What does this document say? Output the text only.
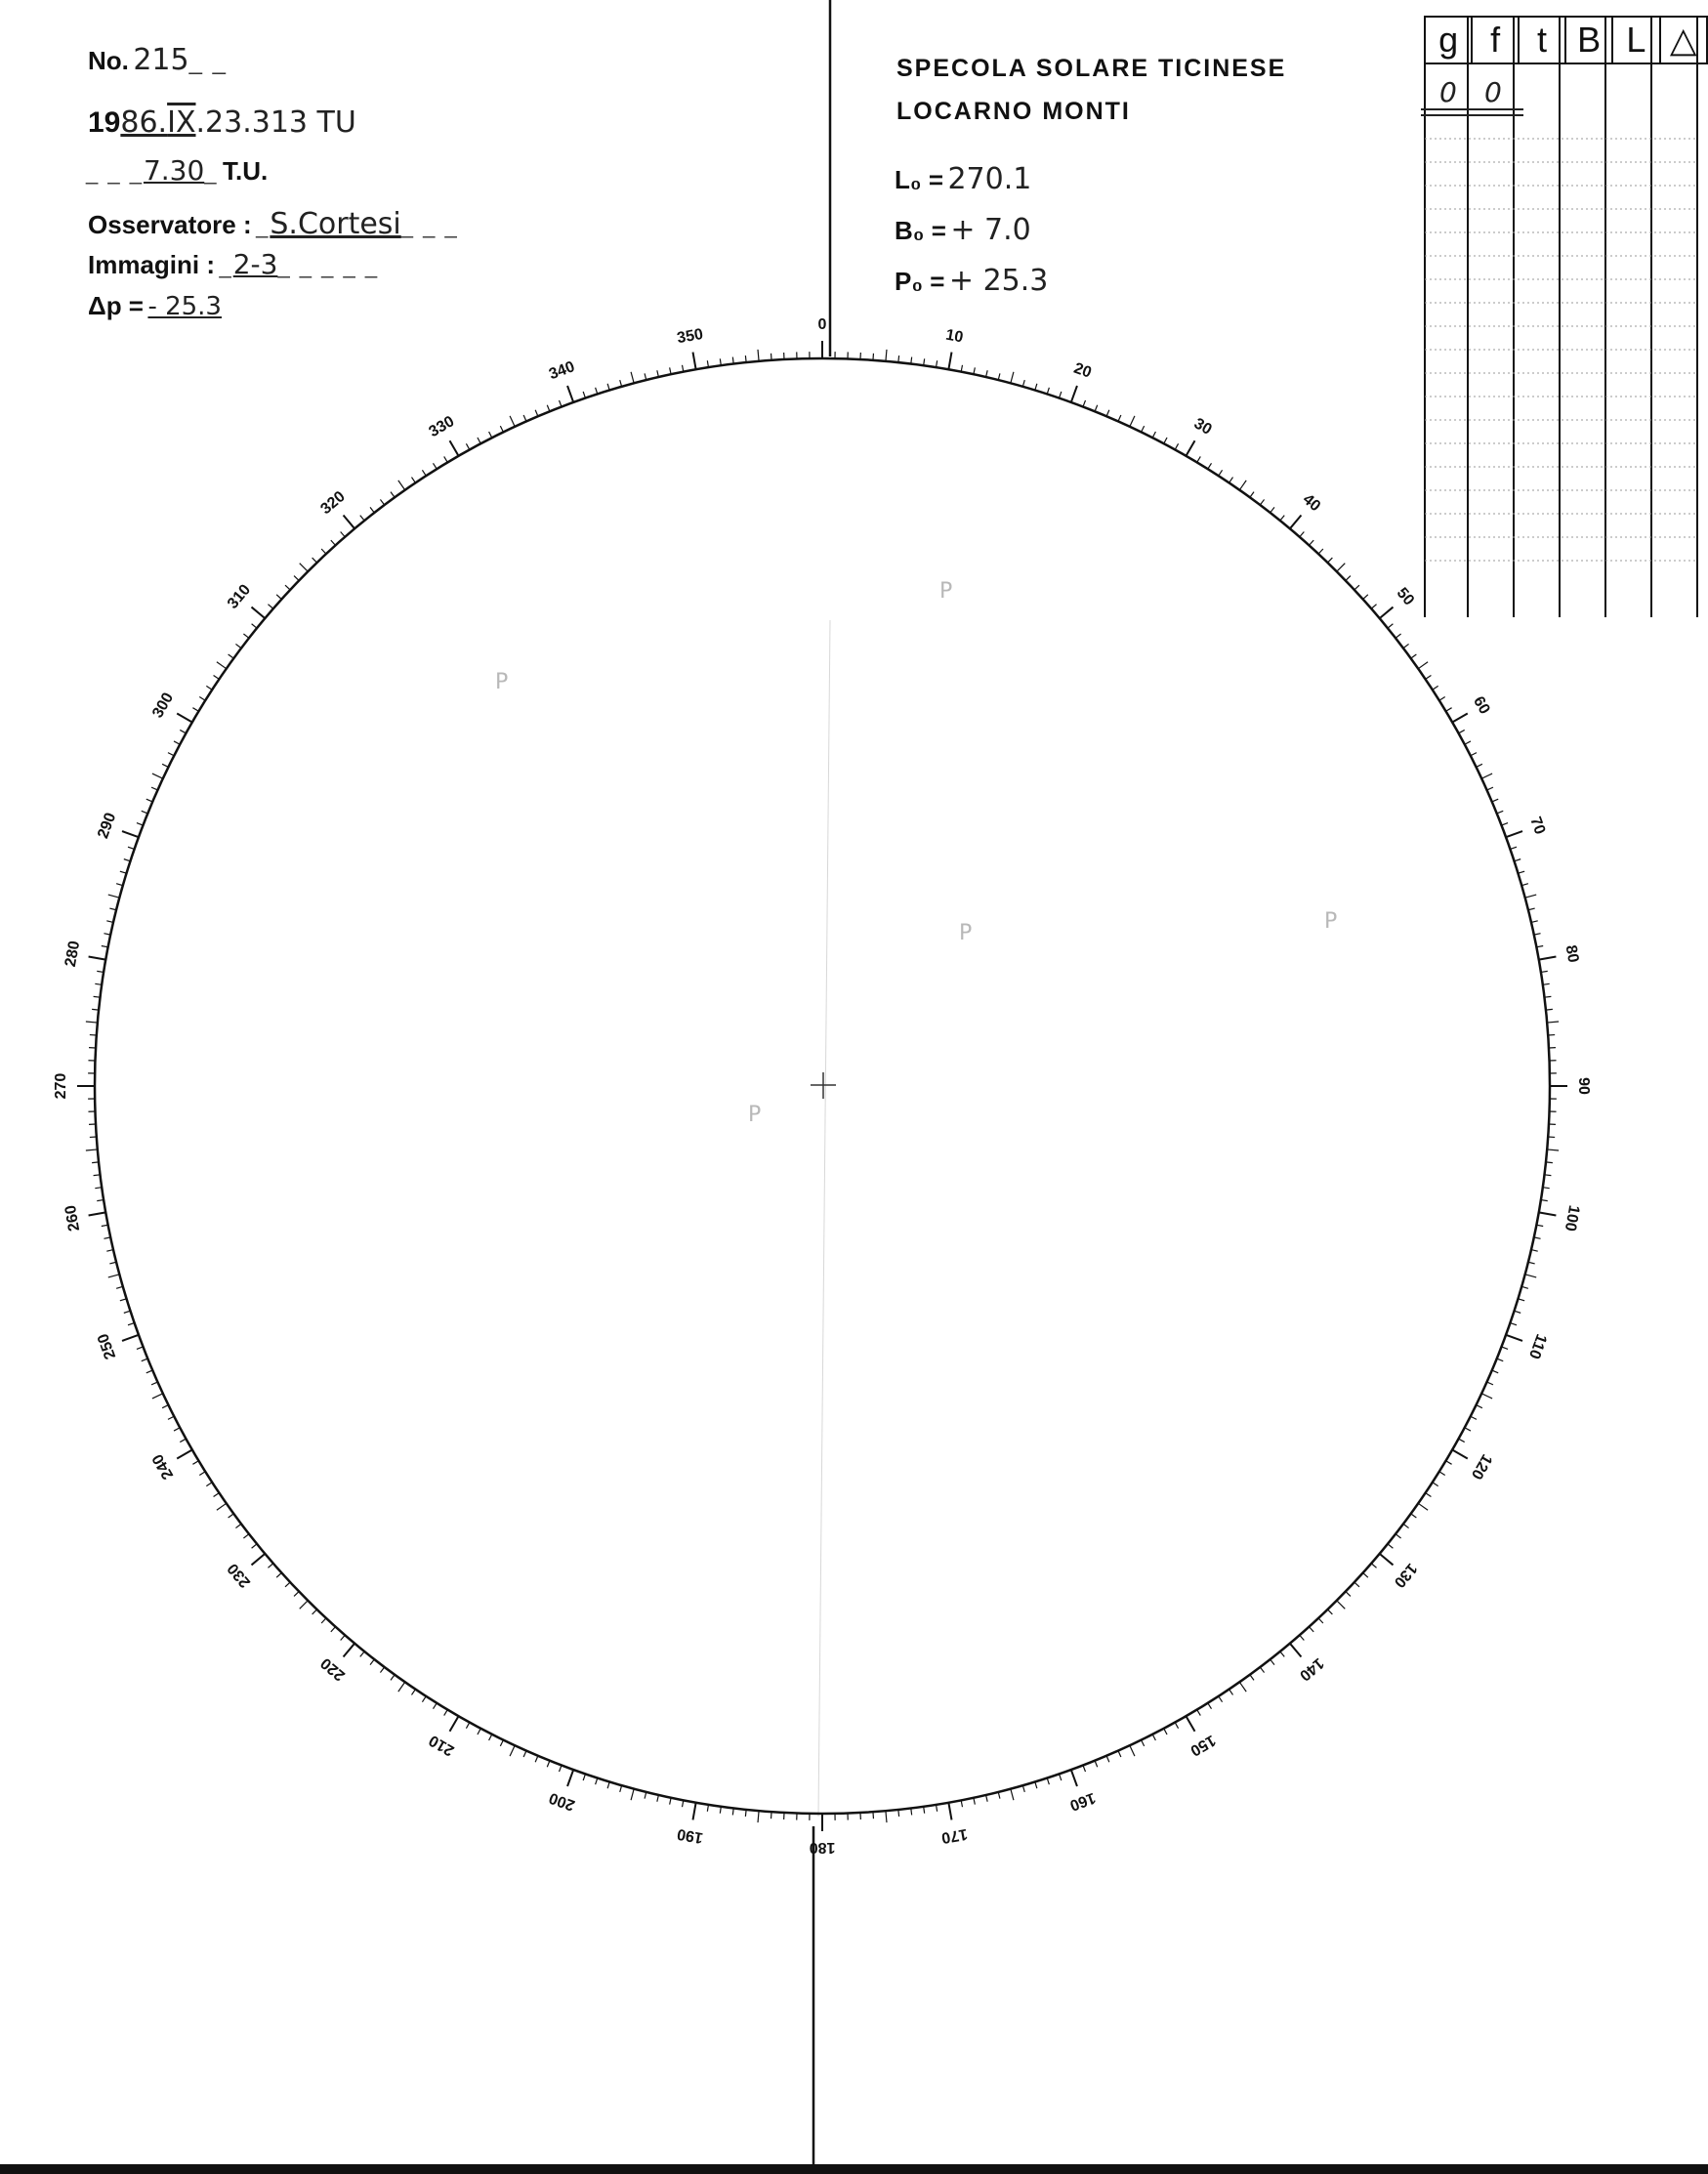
0
10
20
30
40
50
60
70
80
90
100
110
120
130
140
150
160
170
180
190
200
210
220
230
240
250
260
270
280
290
300
310
320
330
340
350
P
P
P	P
P
No. 215_ _
1986.IX.23.313 TU
_ _ _7.30_ T.U.
Osservatore : _S.Cortesi_ _ _
Immagini : _2-3_ _ _ _ _
Δp = - 25.3
SPECOLA SOLARE TICINESE
LOCARNO MONTI
L₀ = 270.1
B₀ = + 7.0
P₀ = + 25.3
g	f	t	B	L	△
0 0
